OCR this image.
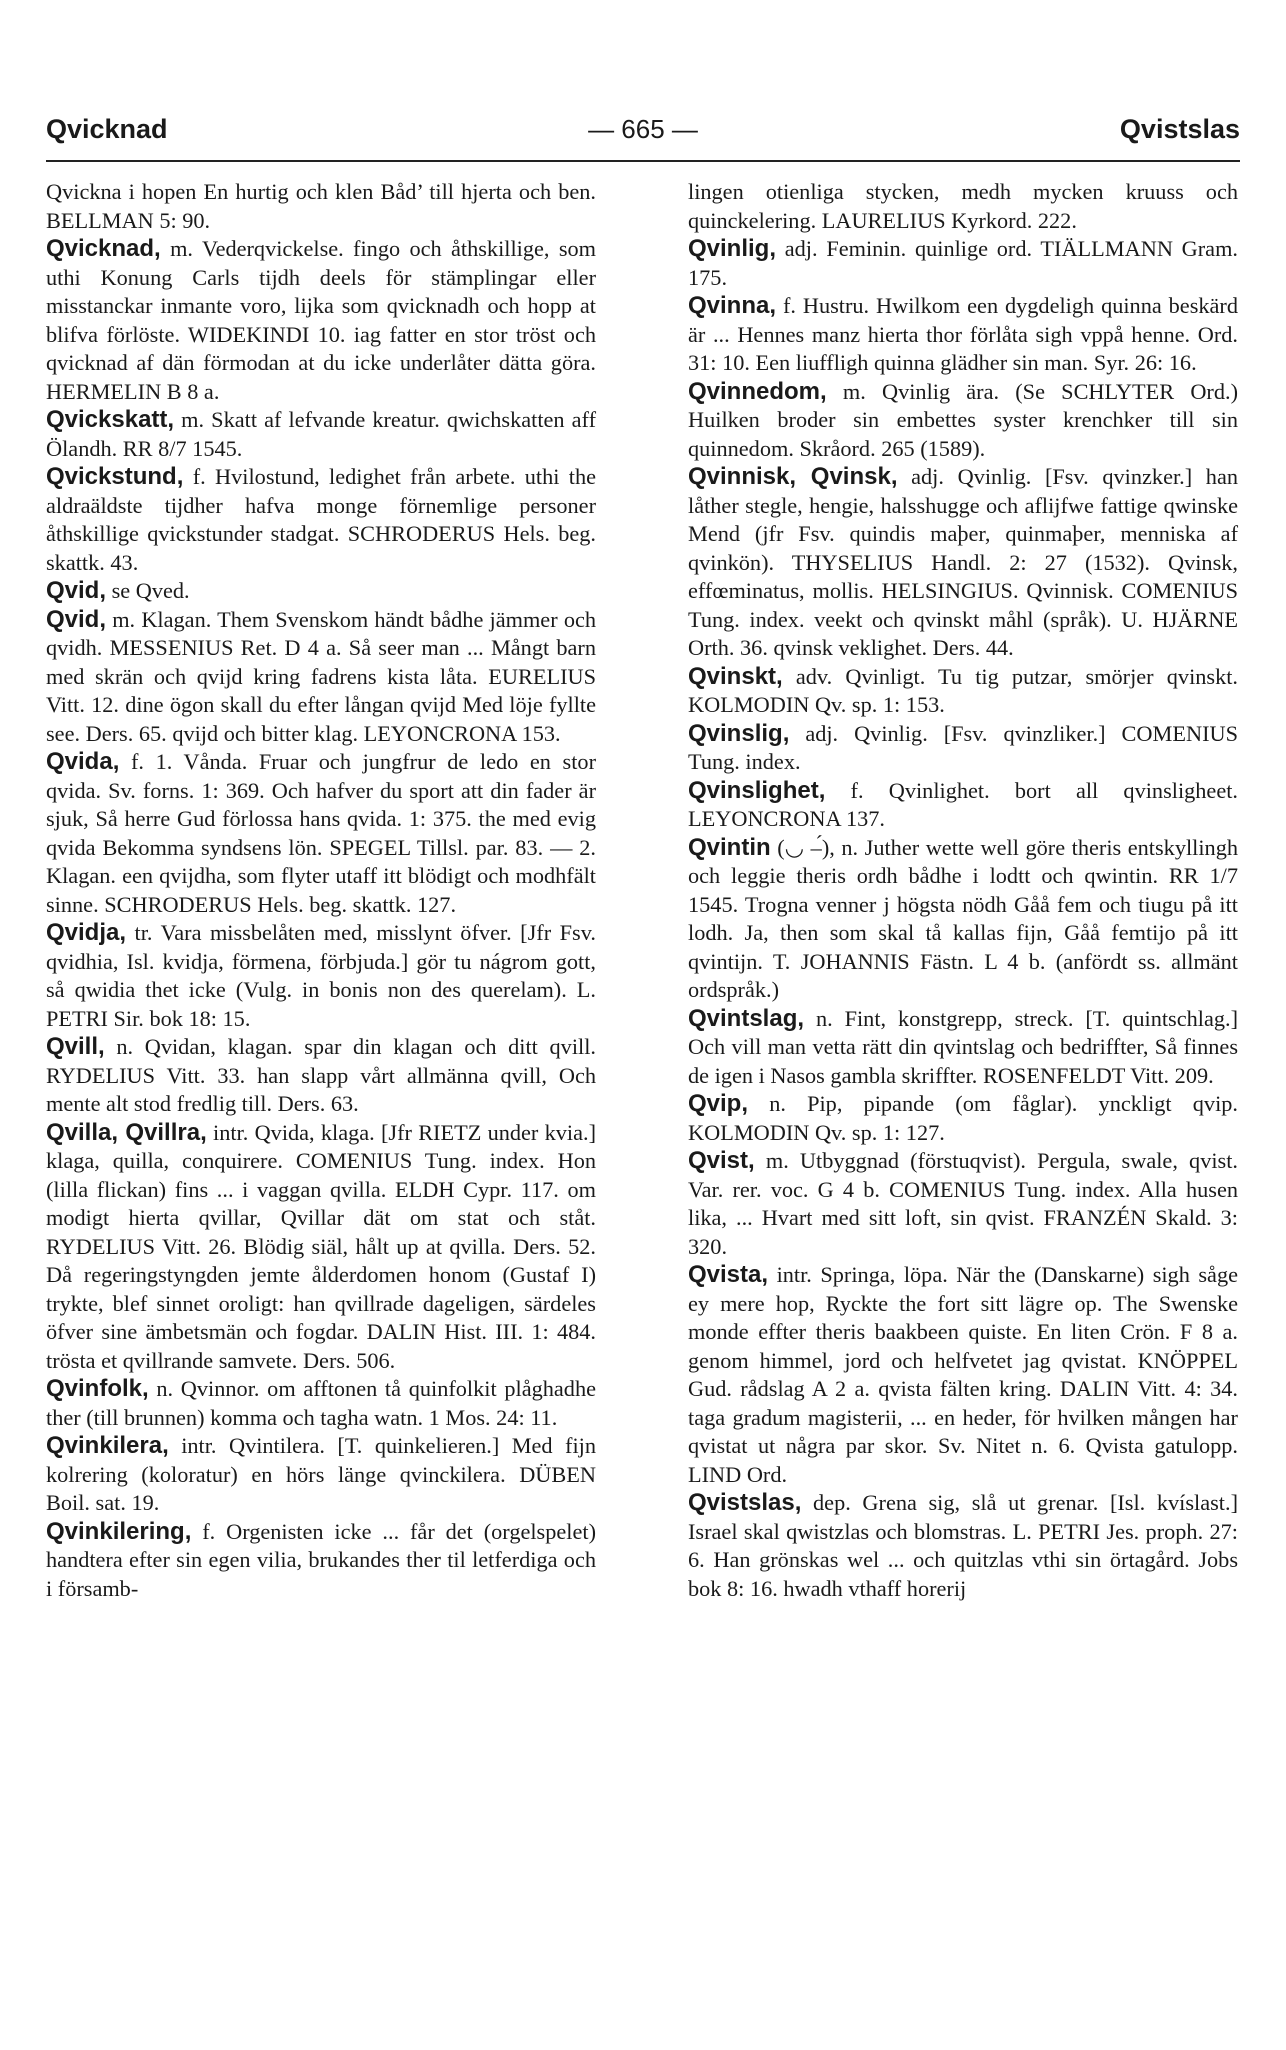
Qvicknad	— 665 —	Qvistslas

Qvickna i hopen En hurtig och klen Båd’ till hjerta och ben. BELLMAN 5: 90.

Qvicknad, m. Vederqvickelse. fingo och åthskillige, som uthi Konung Carls tijdh deels för stämplingar eller misstanckar inmante voro, lijka som qvicknadh och hopp at blifva förlöste. WIDEKINDI 10. iag fatter en stor tröst och qvicknad af dän förmodan at du icke underlåter dätta göra. HERMELIN B 8 a.

Qvickskatt, m. Skatt af lefvande kreatur. qwichskatten aff Ölandh. RR 8/7 1545.

Qvickstund, f. Hvilostund, ledighet från arbete. uthi the aldraäldste tijdher hafva monge förnemlige personer åthskillige qvickstunder stadgat. SCHRODERUS Hels. beg. skattk. 43.

Qvid, se Qved.

Qvid, m. Klagan. Them Svenskom händt bådhe jämmer och qvidh. MESSENIUS Ret. D 4 a. Så seer man ... Mångt barn med skrän och qvijd kring fadrens kista låta. EURELIUS Vitt. 12. dine ögon skall du efter långan qvijd Med löje fyllte see. Ders. 65. qvijd och bitter klag. LEYONCRONA 153.

Qvida, f. 1. Vånda. Fruar och jungfrur de ledo en stor qvida. Sv. forns. 1: 369. Och hafver du sport att din fader är sjuk, Så herre Gud förlossa hans qvida. 1: 375. the med evig qvida Bekomma syndsens lön. SPEGEL Tillsl. par. 83. — 2. Klagan. een qvijdha, som flyter utaff itt blödigt och modhfält sinne. SCHRODERUS Hels. beg. skattk. 127.

Qvidja, tr. Vara missbelåten med, misslynt öfver. [Jfr Fsv. qvidhia, Isl. kvidja, förmena, förbjuda.] gör tu nágrom gott, så qwidia thet icke (Vulg. in bonis non des querelam). L. PETRI Sir. bok 18: 15.

Qvill, n. Qvidan, klagan. spar din klagan och ditt qvill. RYDELIUS Vitt. 33. han slapp vårt allmänna qvill, Och mente alt stod fredlig till. Ders. 63.

Qvilla, Qvillra, intr. Qvida, klaga. [Jfr RIETZ under kvia.] klaga, quilla, conquirere. COMENIUS Tung. index. Hon (lilla flickan) fins ... i vaggan qvilla. ELDH Cypr. 117. om modigt hierta qvillar, Qvillar dät om stat och ståt. RYDELIUS Vitt. 26. Blödig siäl, hålt up at qvilla. Ders. 52. Då regeringstyngden jemte ålderdomen honom (Gustaf I) trykte, blef sinnet oroligt: han qvillrade dageligen, särdeles öfver sine ämbetsmän och fogdar. DALIN Hist. III. 1: 484. trösta et qvillrande samvete. Ders. 506.

Qvinfolk, n. Qvinnor. om afftonen tå quinfolkit plåghadhe ther (till brunnen) komma och tagha watn. 1 Mos. 24: 11.

Qvinkilera, intr. Qvintilera. [T. quinkelieren.] Med fijn kolrering (koloratur) en hörs länge qvinckilera. DÜBEN Boil. sat. 19.

Qvinkilering, f. Orgenisten icke ... får det (orgelspelet) handtera efter sin egen vilia, brukandes ther til letferdiga och i församb-

lingen otienliga stycken, medh mycken kruuss och quinckelering. LAURELIUS Kyrkord. 222.

Qvinlig, adj. Feminin. quinlige ord. TIÄLLMANN Gram. 175.

Qvinna, f. Hustru. Hwilkom een dygdeligh quinna beskärd är ... Hennes manz hierta thor förlåta sigh vppå henne. Ord. 31: 10. Een liuffligh quinna glädher sin man. Syr. 26: 16.

Qvinnedom, m. Qvinlig ära. (Se SCHLYTER Ord.) Huilken broder sin embettes syster krenchker till sin quinnedom. Skråord. 265 (1589).

Qvinnisk, Qvinsk, adj. Qvinlig. [Fsv. qvinzker.] han låther stegle, hengie, halsshugge och aflijfwe fattige qwinske Mend (jfr Fsv. quindis maþer, quinmaþer, menniska af qvinkön). THYSELIUS Handl. 2: 27 (1532). Qvinsk, effœminatus, mollis. HELSINGIUS. Qvinnisk. COMENIUS Tung. index. veekt och qvinskt måhl (språk). U. HJÄRNE Orth. 36. qvinsk veklighet. Ders. 44.

Qvinskt, adv. Qvinligt. Tu tig putzar, smörjer qvinskt. KOLMODIN Qv. sp. 1: 153.

Qvinslig, adj. Qvinlig. [Fsv. qvinzliker.] COMENIUS Tung. index.

Qvinslighet, f. Qvinlighet. bort all qvinsligheet. LEYONCRONA 137.

Qvintin (◡ –́), n. Juther wette well göre theris entskyllingh och leggie theris ordh bådhe i lodtt och qwintin. RR 1/7 1545. Trogna venner j högsta nödh Gåå fem och tiugu på itt lodh. Ja, then som skal tå kallas fijn, Gåå femtijo på itt qvintijn. T. JOHANNIS Fästn. L 4 b. (anfördt ss. allmänt ordspråk.)

Qvintslag, n. Fint, konstgrepp, streck. [T. quintschlag.] Och vill man vetta rätt din qvintslag och bedriffter, Så finnes de igen i Nasos gambla skriffter. ROSENFELDT Vitt. 209.

Qvip, n. Pip, pipande (om fåglar). ynckligt qvip. KOLMODIN Qv. sp. 1: 127.

Qvist, m. Utbyggnad (förstuqvist). Pergula, swale, qvist. Var. rer. voc. G 4 b. COMENIUS Tung. index. Alla husen lika, ... Hvart med sitt loft, sin qvist. FRANZÉN Skald. 3: 320.

Qvista, intr. Springa, löpa. När the (Danskarne) sigh såge ey mere hop, Ryckte the fort sitt lägre op. The Swenske monde effter theris baakbeen quiste. En liten Crön. F 8 a. genom himmel, jord och helfvetet jag qvistat. KNÖPPEL Gud. rådslag A 2 a. qvista fälten kring. DALIN Vitt. 4: 34. taga gradum magisterii, ... en heder, för hvilken mången har qvistat ut några par skor. Sv. Nitet n. 6. Qvista gatulopp. LIND Ord.

Qvistslas, dep. Grena sig, slå ut grenar. [Isl. kvíslast.] Israel skal qwistzlas och blomstras. L. PETRI Jes. proph. 27: 6. Han grönskas wel ... och quitzlas vthi sin örtagård. Jobs bok 8: 16. hwadh vthaff horerij
